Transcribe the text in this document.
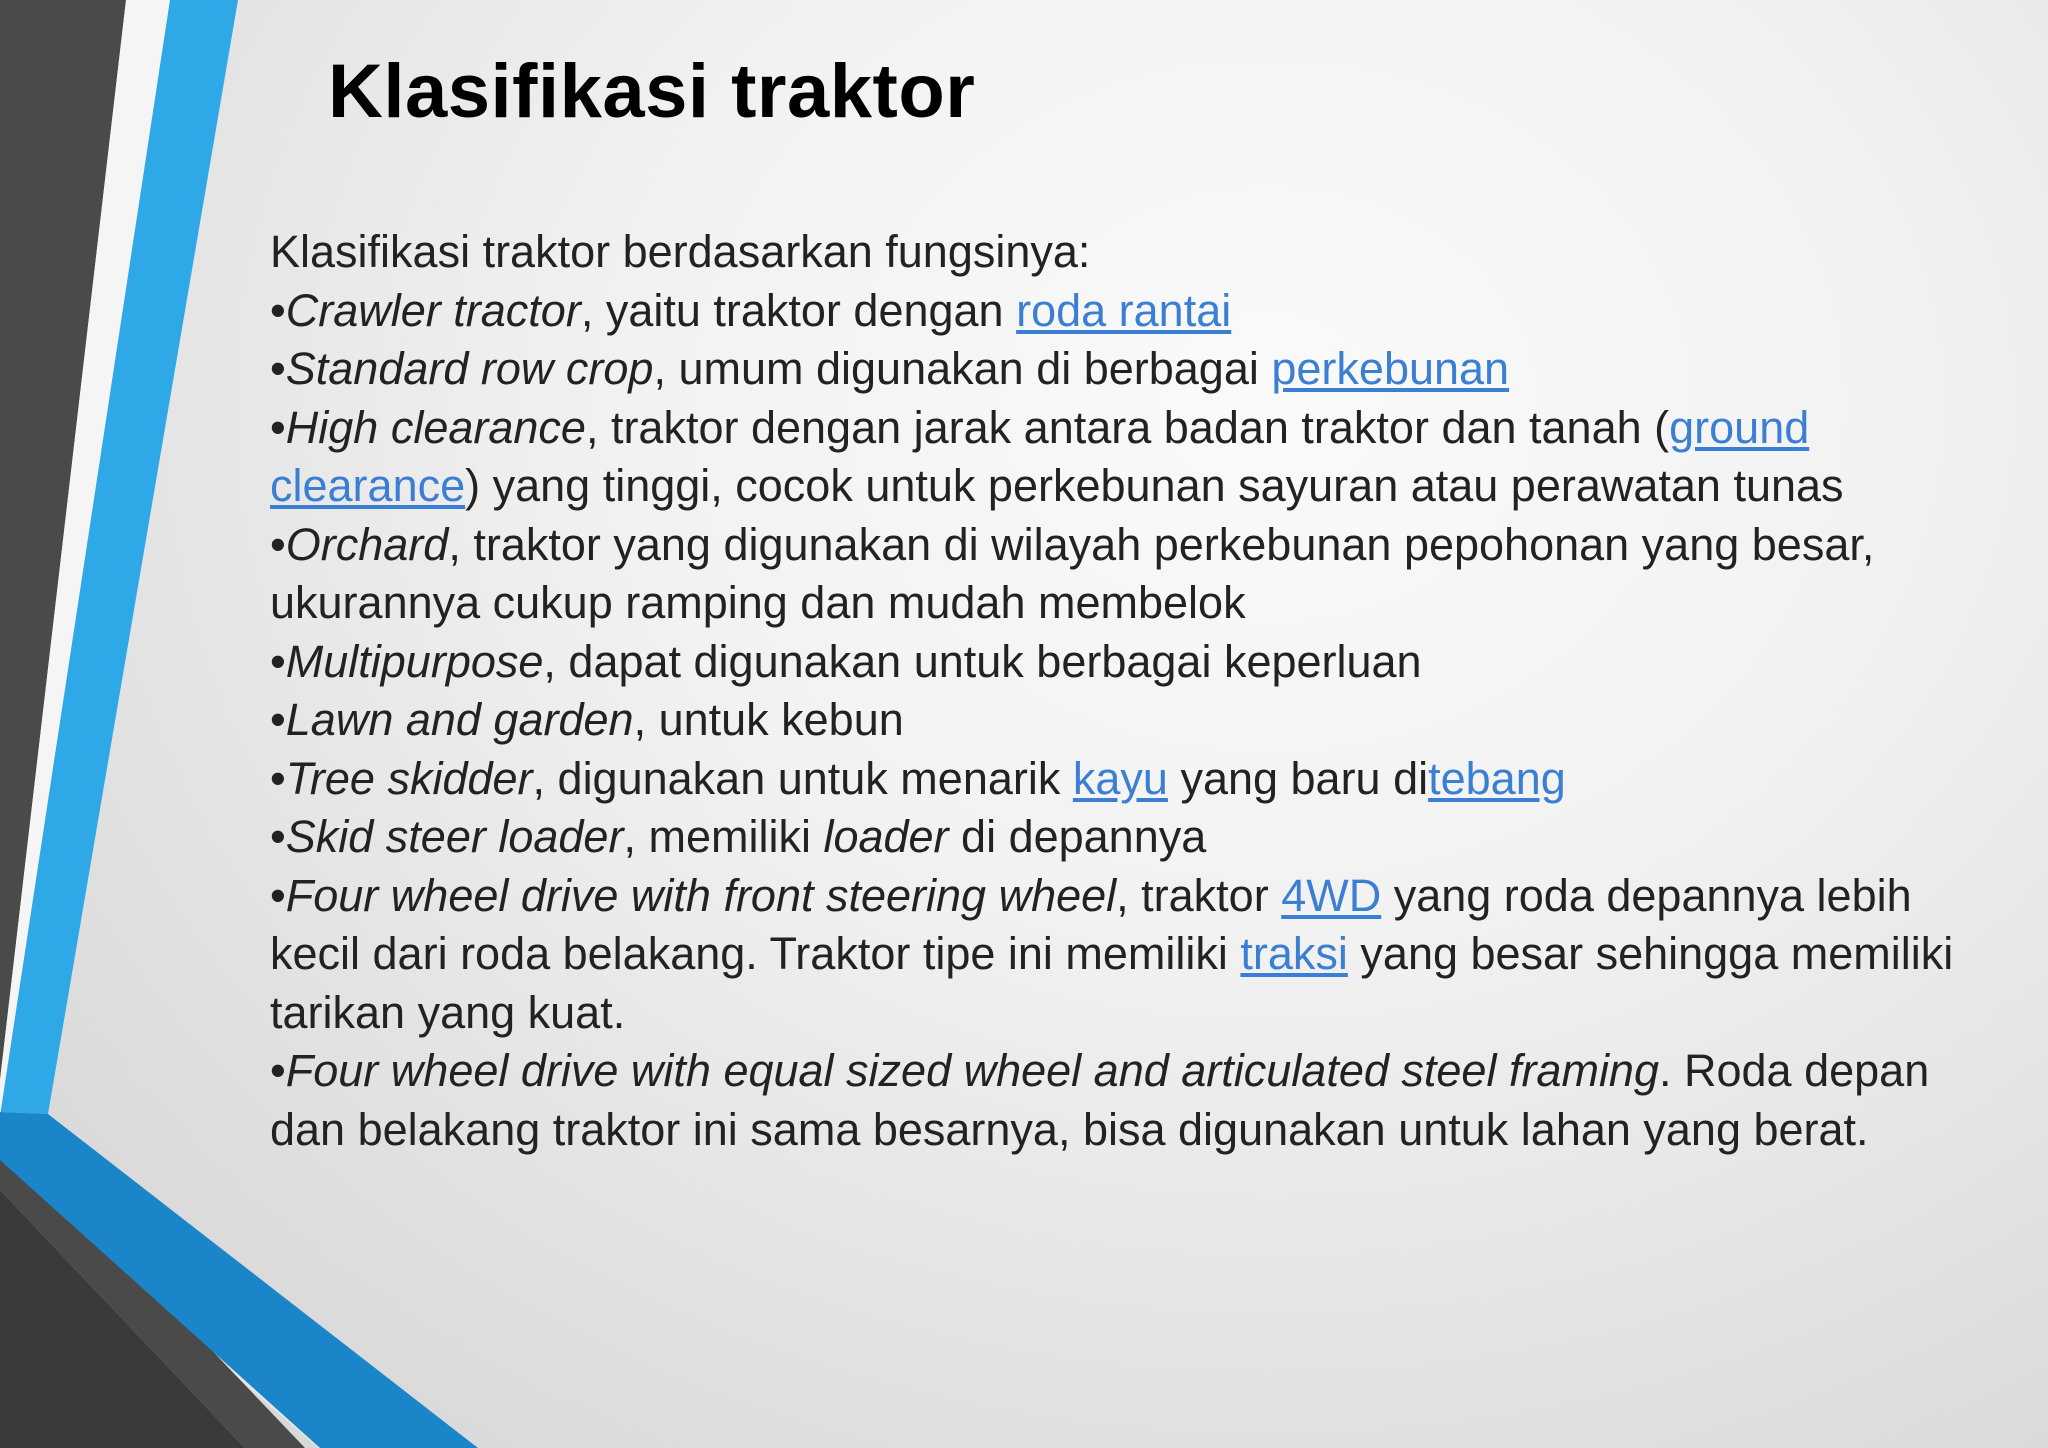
Klasifikasi traktor

Klasifikasi traktor berdasarkan fungsinya:

•Crawler tractor, yaitu traktor dengan roda rantai

•Standard row crop, umum digunakan di berbagai perkebunan

•High clearance, traktor dengan jarak antara badan traktor dan tanah (ground clearance) yang tinggi, cocok untuk perkebunan sayuran atau perawatan tunas

•Orchard, traktor yang digunakan di wilayah perkebunan pepohonan yang besar, ukurannya cukup ramping dan mudah membelok

•Multipurpose, dapat digunakan untuk berbagai keperluan

•Lawn and garden, untuk kebun

•Tree skidder, digunakan untuk menarik kayu yang baru ditebang

•Skid steer loader, memiliki loader di depannya

•Four wheel drive with front steering wheel, traktor 4WD yang roda depannya lebih kecil dari roda belakang. Traktor tipe ini memiliki traksi yang besar sehingga memiliki tarikan yang kuat.

•Four wheel drive with equal sized wheel and articulated steel framing. Roda depan dan belakang traktor ini sama besarnya, bisa digunakan untuk lahan yang berat.
